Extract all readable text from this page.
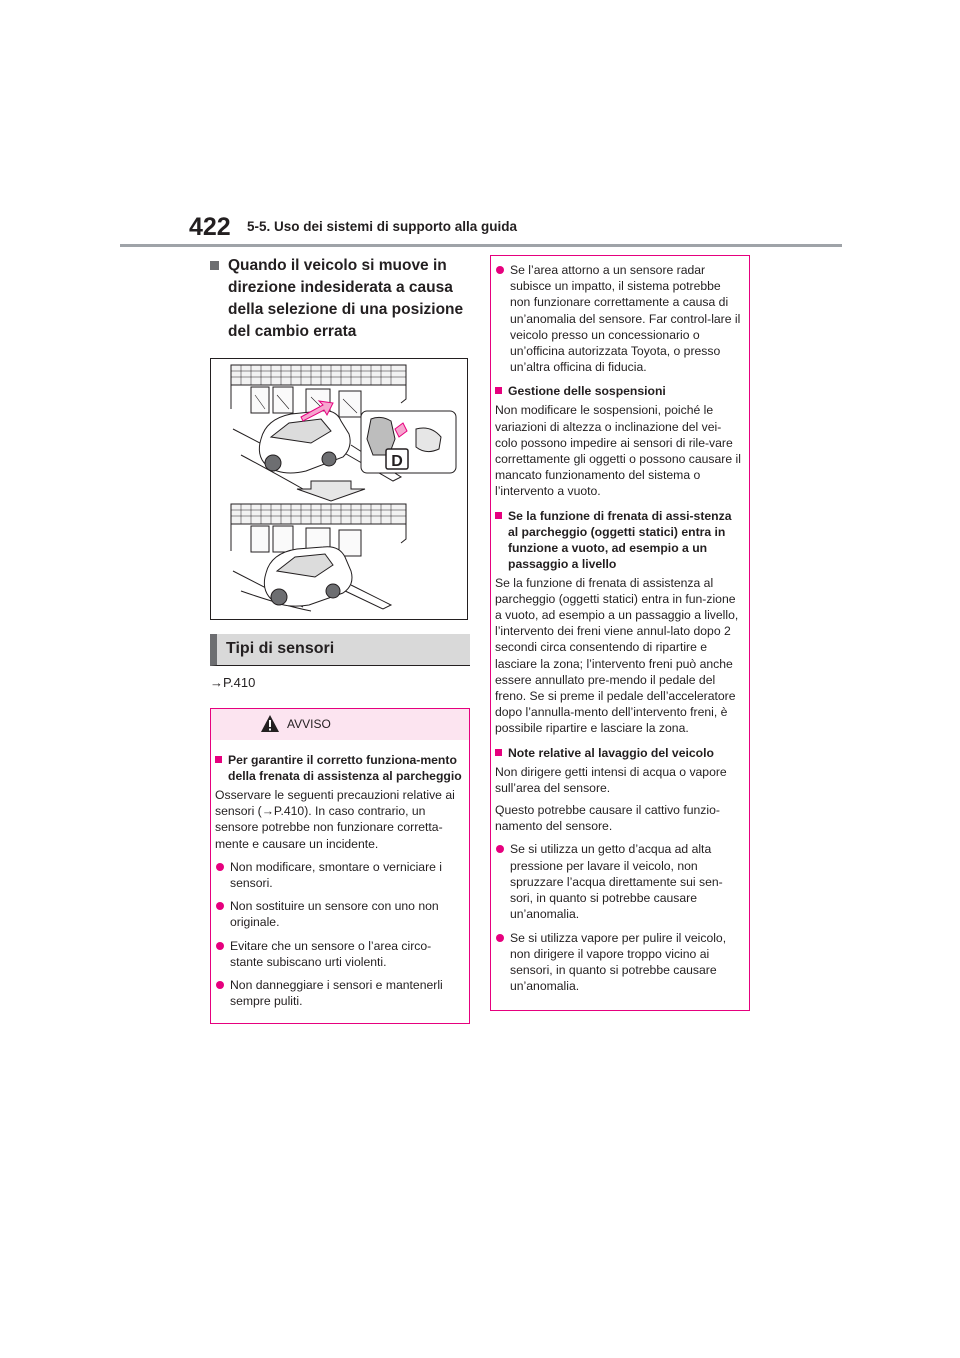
422 5-5. Uso dei sistemi di supporto alla guida
Quando il veicolo si muove in direzione indesiderata a causa della selezione di una posizione del cambio errata
D
Tipi di sensori
→P.410
AVVISO
Per garantire il corretto funziona-mento della frenata di assistenza al parcheggio

Osservare le seguenti precauzioni relative ai sensori (→P.410). In caso contrario, un sensore potrebbe non funzionare corretta-mente e causare un incidente.

Non modificare, smontare o verniciare i sensori.
Non sostituire un sensore con uno non originale.
Evitare che un sensore o l’area circo-stante subiscano urti violenti.
Non danneggiare i sensori e mantenerli sempre puliti.
Se l’area attorno a un sensore radar subisce un impatto, il sistema potrebbe non funzionare correttamente a causa di un’anomalia del sensore. Far control-lare il veicolo presso un concessionario o un’officina autorizzata Toyota, o presso un’altra officina di fiducia.
Gestione delle sospensioni

Non modificare le sospensioni, poiché le variazioni di altezza o inclinazione del vei-colo possono impedire ai sensori di rile-vare correttamente gli oggetti o possono causare il mancato funzionamento del sistema o l’intervento a vuoto.

Se la funzione di frenata di assi-stenza al parcheggio (oggetti statici) entra in funzione a vuoto, ad esempio a un passaggio a livello

Se la funzione di frenata di assistenza al parcheggio (oggetti statici) entra in fun-zione a vuoto, ad esempio a un passaggio a livello, l’intervento dei freni viene annul-lato dopo 2 secondi circa consentendo di ripartire e lasciare la zona; l’intervento freni può anche essere annullato pre-mendo il pedale del freno. Se si preme il pedale dell’acceleratore dopo l’annulla-mento dell’intervento freni, è possibile ripartire e lasciare la zona.

Note relative al lavaggio del veicolo

Non dirigere getti intensi di acqua o vapore sull’area del sensore.

Questo potrebbe causare il cattivo funzio-namento del sensore.

Se si utilizza un getto d’acqua ad alta pressione per lavare il veicolo, non spruzzare l’acqua direttamente sui sen-sori, in quanto si potrebbe causare un’anomalia.
Se si utilizza vapore per pulire il veicolo, non dirigere il vapore troppo vicino ai sensori, in quanto si potrebbe causare un’anomalia.
